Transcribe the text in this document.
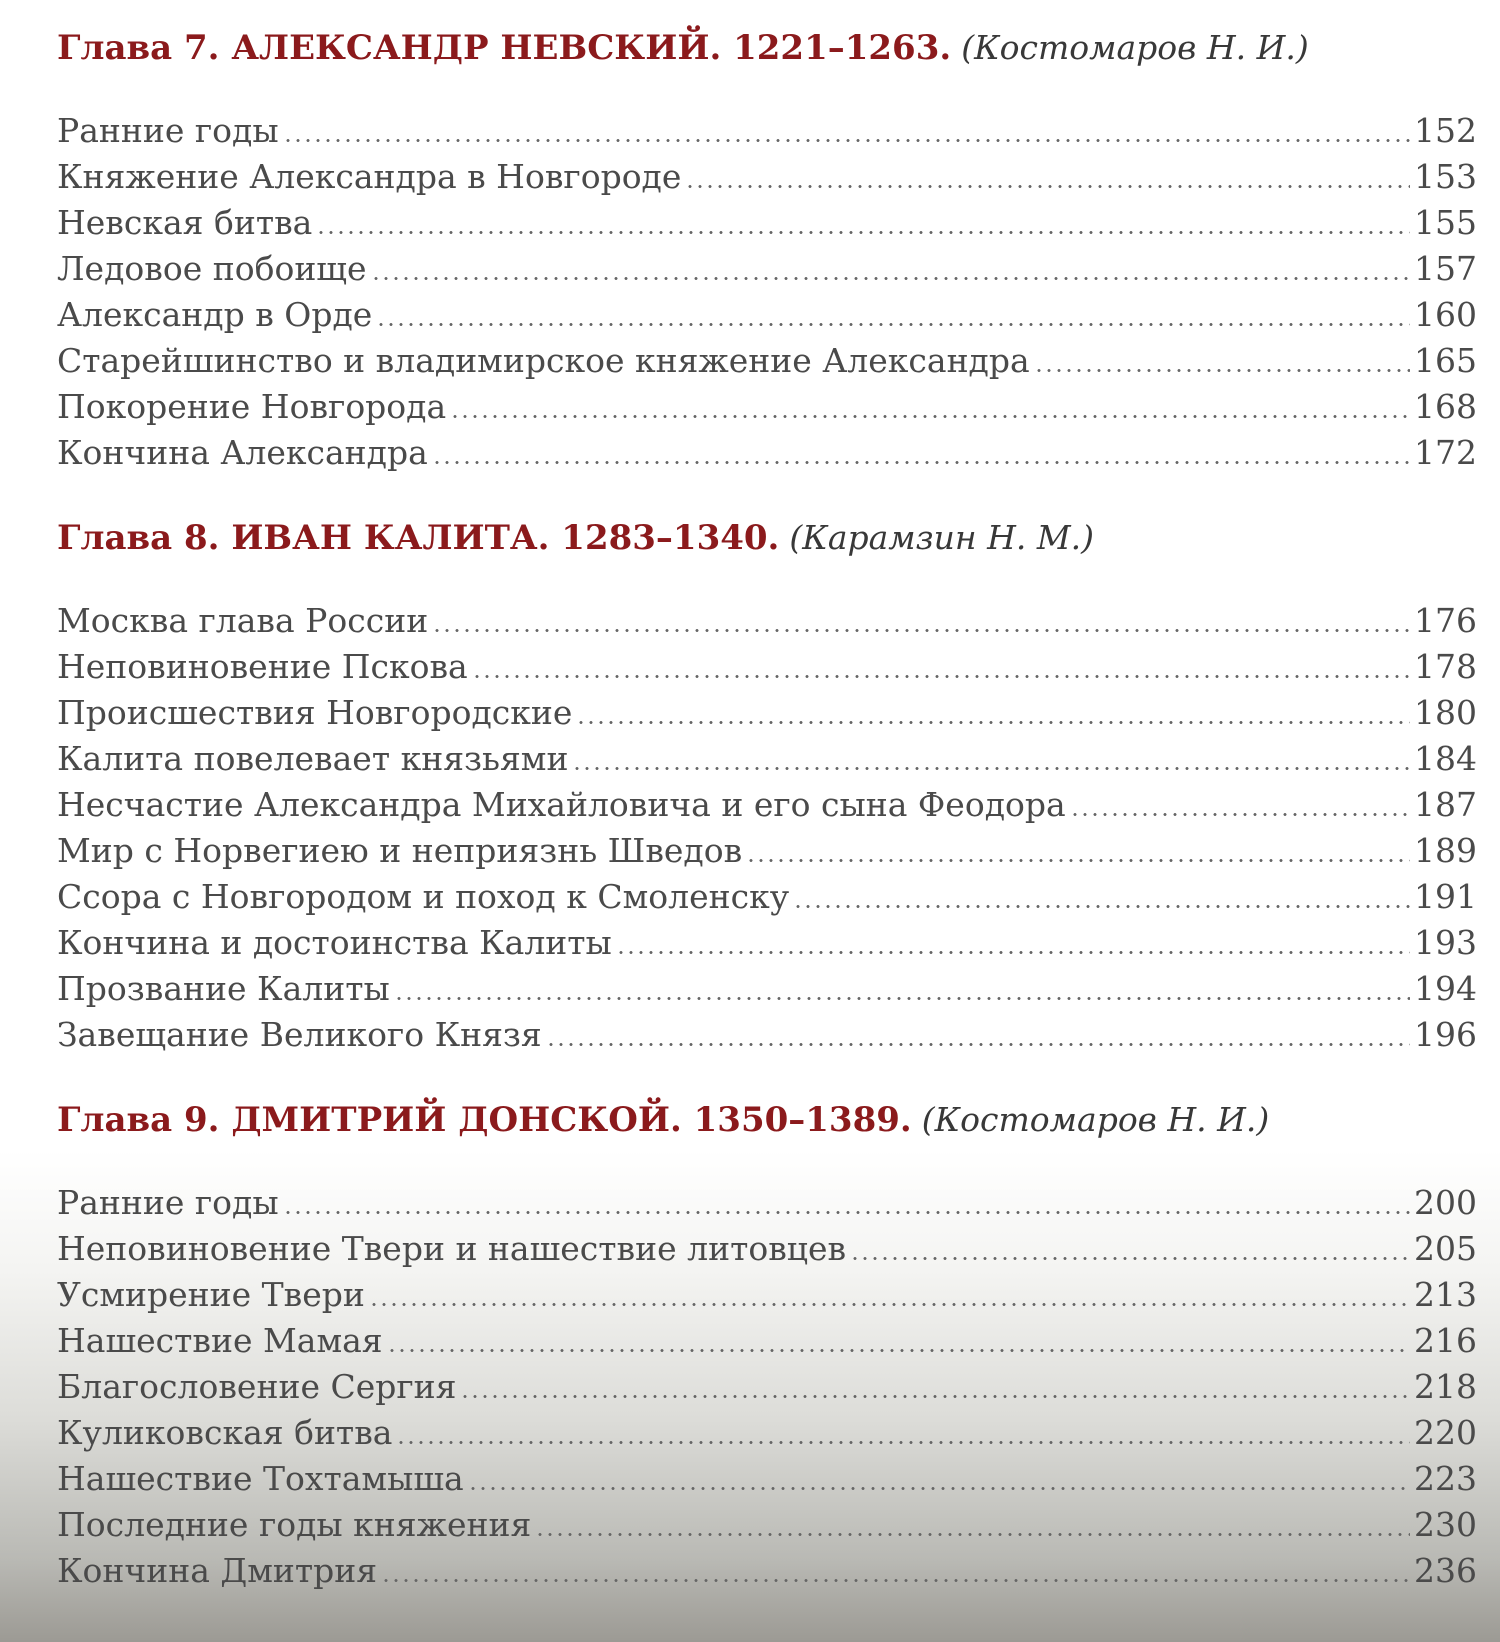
Глава 7.
АЛЕКСАНДР НЕВСКИЙ. 1221–1263. (Костомаров Н. И.)
Ранние годы	152
Княжение Александра в Новгороде	153
Невская битва	155
Ледовое побоище	157
Александр в Орде	160
Старейшинство и владимирское княжение Александра	165
Покорение Новгорода	168
Кончина Александра	172
Глава 8.
ИВАН КАЛИТА. 1283–1340. (Карамзин Н. М.)
Москва глава России	176
Неповиновение Пскова	178
Происшествия Новгородские	180
Калита повелевает князьями	184
Несчастие Александра Михайловича и его сына Феодора	187
Мир с Норвегиею и неприязнь Шведов	189
Ссора с Новгородом и поход к Смоленску	191
Кончина и достоинства Калиты	193
Прозвание Калиты	194
Завещание Великого Князя	196
Глава 9.
ДМИТРИЙ ДОНСКОЙ. 1350–1389. (Костомаров Н. И.)
Ранние годы	200
Неповиновение Твери и нашествие литовцев	205
Усмирение Твери	213
Нашествие Мамая	216
Благословение Сергия	218
Куликовская битва	220
Нашествие Тохтамыша	223
Последние годы княжения	230
Кончина Дмитрия	236
